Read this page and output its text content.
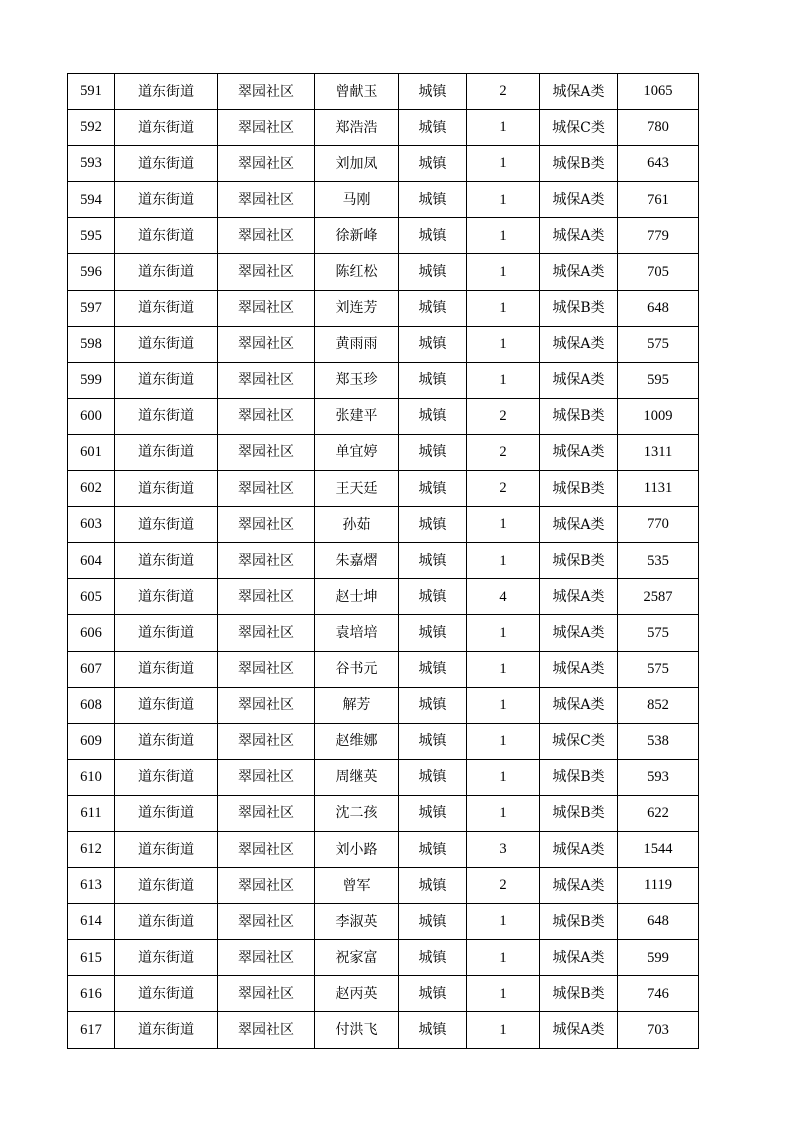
591	道东街道	翠园社区	曾献玉	城镇	2	城保A类	1065
592	道东街道	翠园社区	郑浩浩	城镇	1	城保C类	780
593	道东街道	翠园社区	刘加凤	城镇	1	城保B类	643
594	道东街道	翠园社区	马刚	城镇	1	城保A类	761
595	道东街道	翠园社区	徐新峰	城镇	1	城保A类	779
596	道东街道	翠园社区	陈红松	城镇	1	城保A类	705
597	道东街道	翠园社区	刘连芳	城镇	1	城保B类	648
598	道东街道	翠园社区	黄雨雨	城镇	1	城保A类	575
599	道东街道	翠园社区	郑玉珍	城镇	1	城保A类	595
600	道东街道	翠园社区	张建平	城镇	2	城保B类	1009
601	道东街道	翠园社区	单宜婷	城镇	2	城保A类	1311
602	道东街道	翠园社区	王天廷	城镇	2	城保B类	1131
603	道东街道	翠园社区	孙茹	城镇	1	城保A类	770
604	道东街道	翠园社区	朱嘉熠	城镇	1	城保B类	535
605	道东街道	翠园社区	赵士坤	城镇	4	城保A类	2587
606	道东街道	翠园社区	袁培培	城镇	1	城保A类	575
607	道东街道	翠园社区	谷书元	城镇	1	城保A类	575
608	道东街道	翠园社区	解芳	城镇	1	城保A类	852
609	道东街道	翠园社区	赵维娜	城镇	1	城保C类	538
610	道东街道	翠园社区	周继英	城镇	1	城保B类	593
611	道东街道	翠园社区	沈二孩	城镇	1	城保B类	622
612	道东街道	翠园社区	刘小路	城镇	3	城保A类	1544
613	道东街道	翠园社区	曾军	城镇	2	城保A类	1119
614	道东街道	翠园社区	李淑英	城镇	1	城保B类	648
615	道东街道	翠园社区	祝家富	城镇	1	城保A类	599
616	道东街道	翠园社区	赵丙英	城镇	1	城保B类	746
617	道东街道	翠园社区	付洪飞	城镇	1	城保A类	703
